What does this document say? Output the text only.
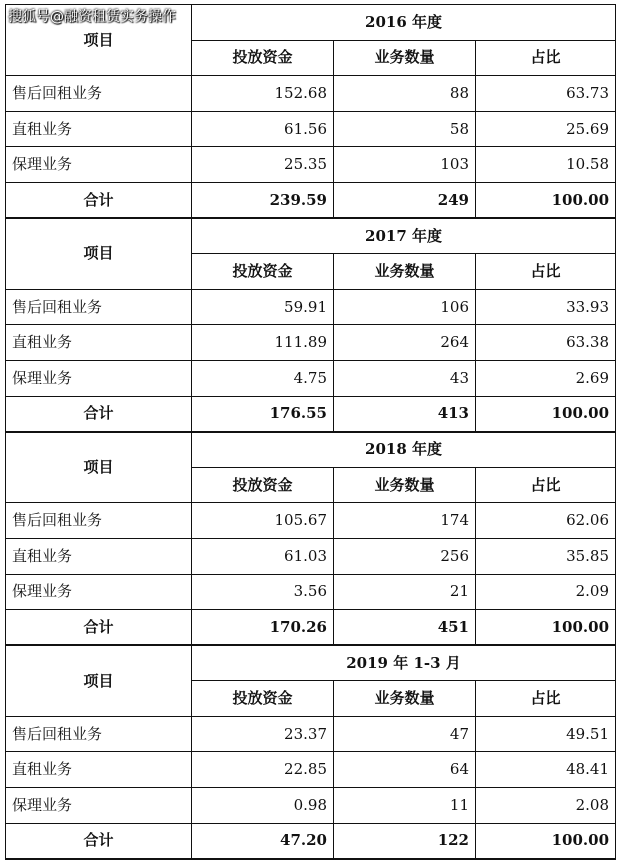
搜狐号@融资租赁实务操作
项目	2016 年度		
	投放资金	业务数量	占比
售后回租业务	152.68	88	63.73
直租业务	61.56	58	25.69
保理业务	25.35	103	10.58
合计	239.59	249	100.00
项目	2017 年度		
	投放资金	业务数量	占比
售后回租业务	59.91	106	33.93
直租业务	111.89	264	63.38
保理业务	4.75	43	2.69
合计	176.55	413	100.00
项目	2018 年度		
	投放资金	业务数量	占比
售后回租业务	105.67	174	62.06
直租业务	61.03	256	35.85
保理业务	3.56	21	2.09
合计	170.26	451	100.00
项目	2019 年 1-3 月		
	投放资金	业务数量	占比
售后回租业务	23.37	47	49.51
直租业务	22.85	64	48.41
保理业务	0.98	11	2.08
合计	47.20	122	100.00
